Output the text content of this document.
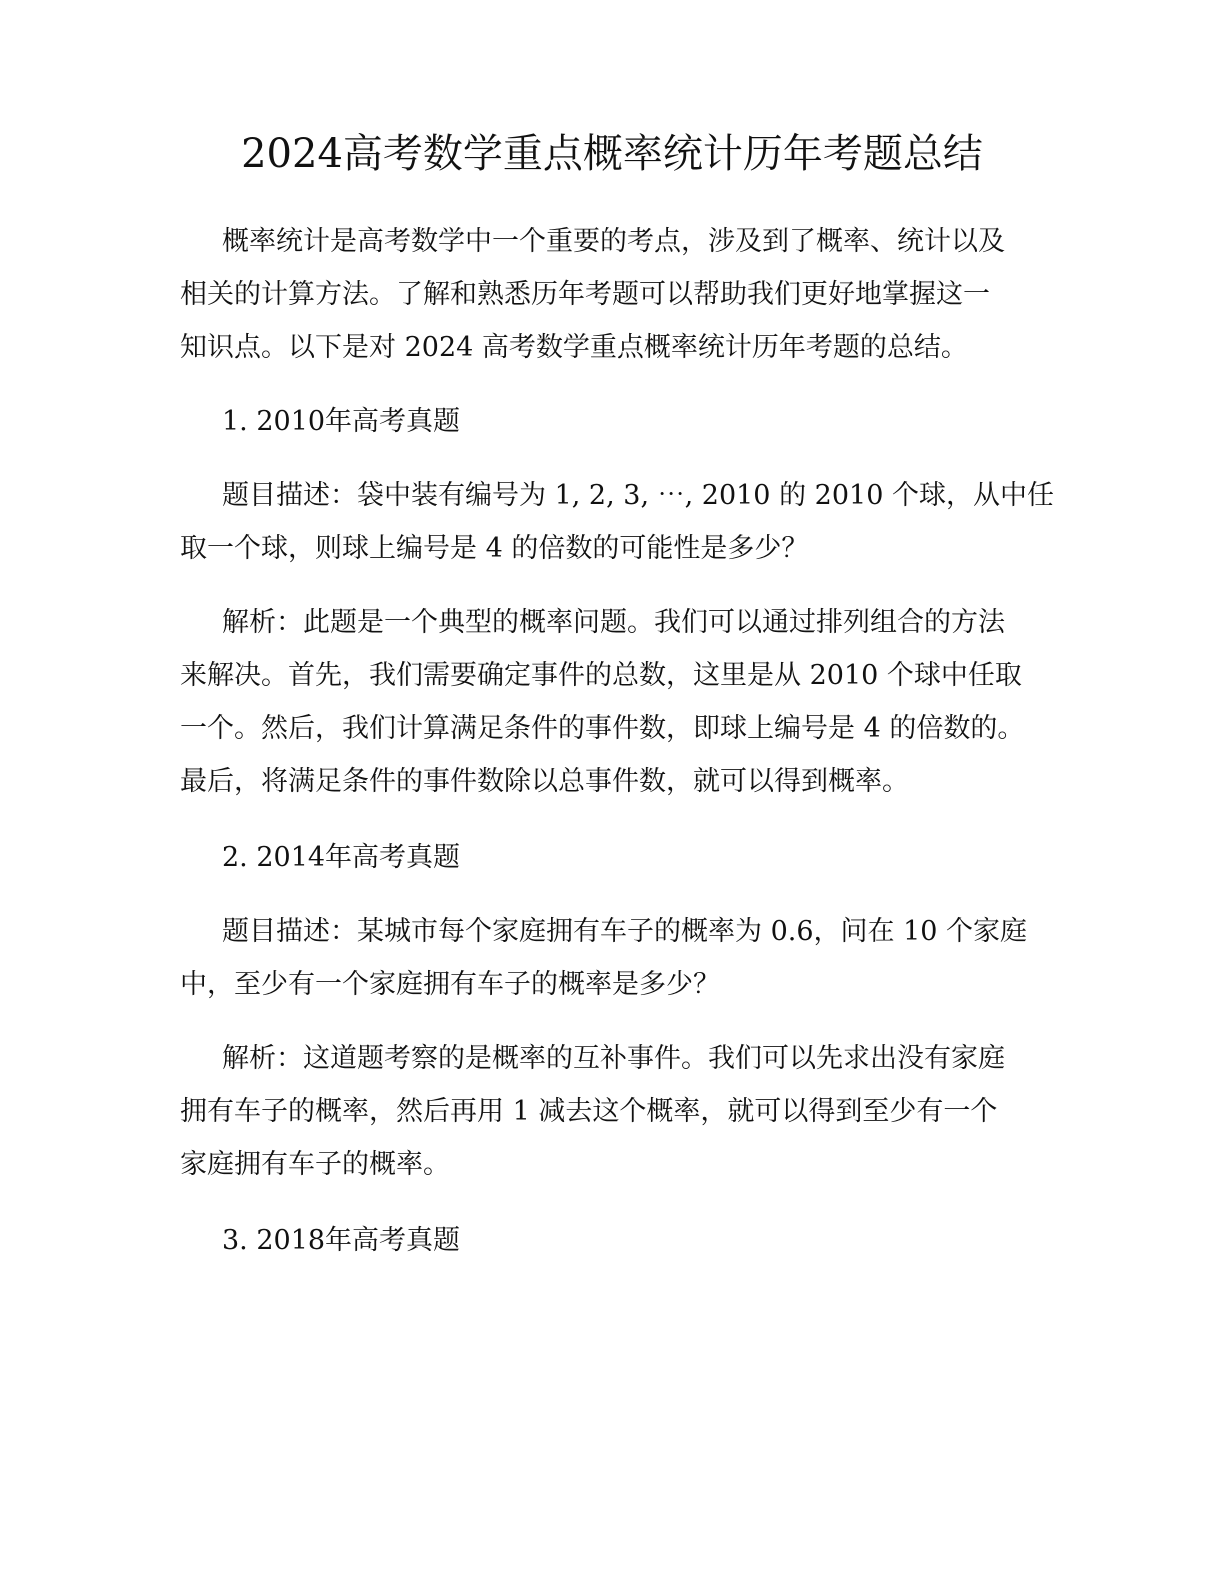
2024高考数学重点概率统计历年考题总结
概率统计是高考数学中一个重要的考点，涉及到了概率、统计以及
相关的计算方法。了解和熟悉历年考题可以帮助我们更好地掌握这一
知识点。以下是对 2024 高考数学重点概率统计历年考题的总结。
1. 2010年高考真题
题目描述：袋中装有编号为 1, 2, 3, ⋯, 2010 的 2010 个球，从中任
取一个球，则球上编号是 4 的倍数的可能性是多少？
解析：此题是一个典型的概率问题。我们可以通过排列组合的方法
来解决。首先，我们需要确定事件的总数，这里是从 2010 个球中任取
一个。然后，我们计算满足条件的事件数，即球上编号是 4 的倍数的。
最后，将满足条件的事件数除以总事件数，就可以得到概率。
2. 2014年高考真题
题目描述：某城市每个家庭拥有车子的概率为 0.6，问在 10 个家庭
中，至少有一个家庭拥有车子的概率是多少？
解析：这道题考察的是概率的互补事件。我们可以先求出没有家庭
拥有车子的概率，然后再用 1 减去这个概率，就可以得到至少有一个
家庭拥有车子的概率。
3. 2018年高考真题
